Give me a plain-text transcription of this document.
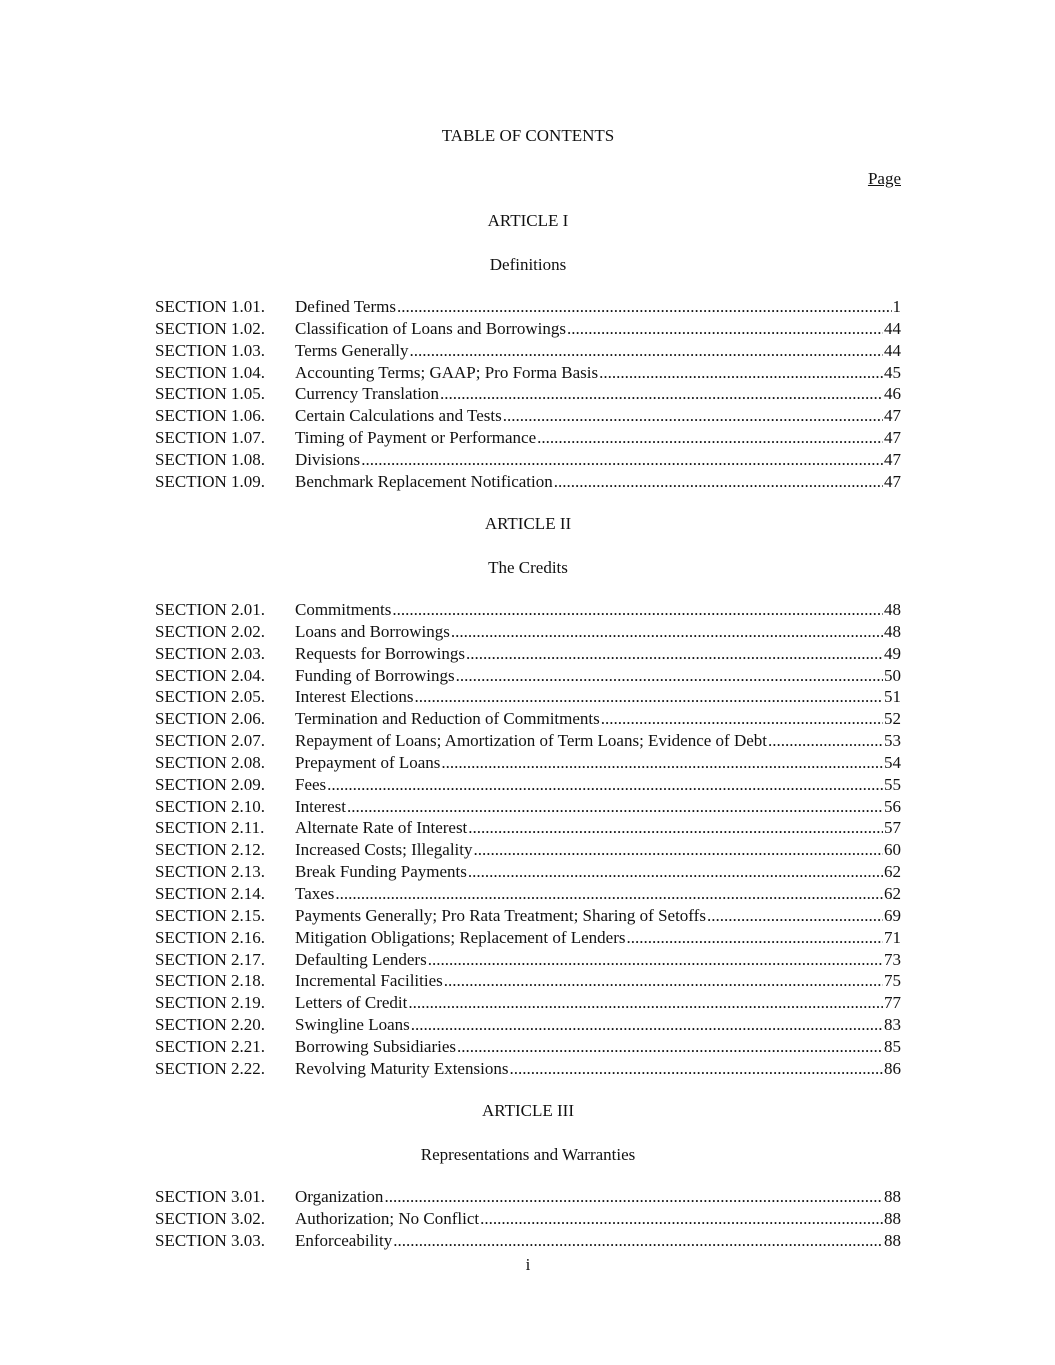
TABLE OF CONTENTS
Page
ARTICLE I
Definitions
SECTION 1.01. Defined Terms .....	1
SECTION 1.02. Classification of Loans and Borrowings .....	44
SECTION 1.03. Terms Generally .....	44
SECTION 1.04. Accounting Terms; GAAP; Pro Forma Basis .....	45
SECTION 1.05. Currency Translation .....	46
SECTION 1.06. Certain Calculations and Tests .....	47
SECTION 1.07. Timing of Payment or Performance .....	47
SECTION 1.08. Divisions .....	47
SECTION 1.09. Benchmark Replacement Notification .....	47
ARTICLE II
The Credits
SECTION 2.01. Commitments .....	48
SECTION 2.02. Loans and Borrowings .....	48
SECTION 2.03. Requests for Borrowings .....	49
SECTION 2.04. Funding of Borrowings .....	50
SECTION 2.05. Interest Elections .....	51
SECTION 2.06. Termination and Reduction of Commitments .....	52
SECTION 2.07. Repayment of Loans; Amortization of Term Loans; Evidence of Debt .....	53
SECTION 2.08. Prepayment of Loans .....	54
SECTION 2.09. Fees .....	55
SECTION 2.10. Interest .....	56
SECTION 2.11. Alternate Rate of Interest .....	57
SECTION 2.12. Increased Costs; Illegality .....	60
SECTION 2.13. Break Funding Payments .....	62
SECTION 2.14. Taxes .....	62
SECTION 2.15. Payments Generally; Pro Rata Treatment; Sharing of Setoffs .....	69
SECTION 2.16. Mitigation Obligations; Replacement of Lenders .....	71
SECTION 2.17. Defaulting Lenders .....	73
SECTION 2.18. Incremental Facilities .....	75
SECTION 2.19. Letters of Credit .....	77
SECTION 2.20. Swingline Loans .....	83
SECTION 2.21. Borrowing Subsidiaries .....	85
SECTION 2.22. Revolving Maturity Extensions .....	86
ARTICLE III
Representations and Warranties
SECTION 3.01. Organization .....	88
SECTION 3.02. Authorization; No Conflict .....	88
SECTION 3.03. Enforceability .....	88
i
